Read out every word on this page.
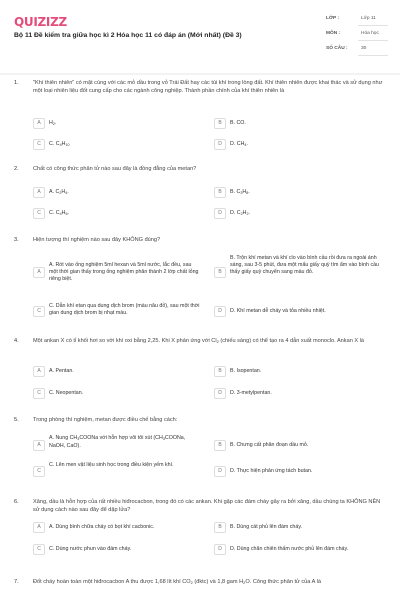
QUIZIZZ
Bộ 11 Đề kiểm tra giữa học kì 2 Hóa học 11 có đáp án (Mới nhất) (Đề 3)
LỚP :	Lớp 11
MÔN :	Hóa học
SỐ CÂU :	30
1.	"Khí thiên nhiên" có mặt cùng với các mỏ dầu trong vỏ Trái Đất hay các túi khí trong lòng đất. Khí thiên nhiên được khai thác và sử dụng như một loại nhiên liệu đốt cung cấp cho các ngành công nghiệp. Thành phần chính của khí thiên nhiên là
A	$H_2$.	B	B. CO.
C	C. $C_4H_{10}$	D	D. $CH_4$.
2.	Chất có công thức phân tử nào sau đây là đồng đẳng của metan?
A	A. $C_2H_4$.	B	B. $C_3H_8$.
C	C. $C_4H_6$.	D	D. $C_2H_2$.
3.	Hiện tượng thí nghiệm nào sau đây KHÔNG đúng?
A
A. Rót vào ống nghiệm 5ml hexan và 5ml nước, lắc đều, sau một thời gian thấy trong ống nghiệm phân thành 2 lớp chất lỏng riêng biệt.
B
B. Trộn khí metan và khí clo vào bình cầu rồi đưa ra ngoài ánh sáng, sau 3-5 phút, đưa một mẩu giấy quỳ tím ẩm vào bình cầu thấy giấy quỳ chuyển sang màu đỏ.
C
C. Dẫn khí etan qua dung dịch brom (màu nâu đỏ), sau một thời gian dung dịch brom bị nhạt màu.	D	D. Khí metan dễ cháy và tỏa nhiều nhiệt.
4.	Một ankan X có tỉ khối hơi so với khí oxi bằng 2,25. Khi X phản ứng với $Cl_2$ (chiếu sáng) có thể tạo ra 4 dẫn xuất monoclo. Ankan X là
A	A. Pentan.	B	B. Isopentan.
C	C. Neopentan.	D	D. 3-metylpentan.
5.	Trong phòng thí nghiệm, metan được điều chế bằng cách:
A
A. Nung $CH_3COONa$ với hỗn hợp vôi tôi xút ($CH_3COONa$, NaOH, CaO).	B	B. Chưng cất phân đoạn dầu mỏ.
C
C. Lên men vật liệu sinh học trong điều kiện yếm khí.
D	D. Thực hiện phản ứng tách butan.
6.	Xăng, dầu là hỗn hợp của rất nhiều hiđrocacbon, trong đó có các ankan. Khi gặp các đám cháy gây ra bởi xăng, dầu chúng ta KHÔNG NÊN sử dụng cách nào sau đây để dập lửa?
A	A. Dùng bình chữa cháy có bọt khí cacbonic.	B	B. Dùng cát phủ lên đám cháy.
C	C. Dùng nước phun vào đám cháy.	D	D. Dùng chăn chiên thấm nước phủ lên đám cháy.
7.	Đốt cháy hoàn toàn một hiđrocacbon A thu được 1,68 lít khí $CO_2$ (đktc) và 1,8 gam $H_2O$. Công thức phân tử của A là
